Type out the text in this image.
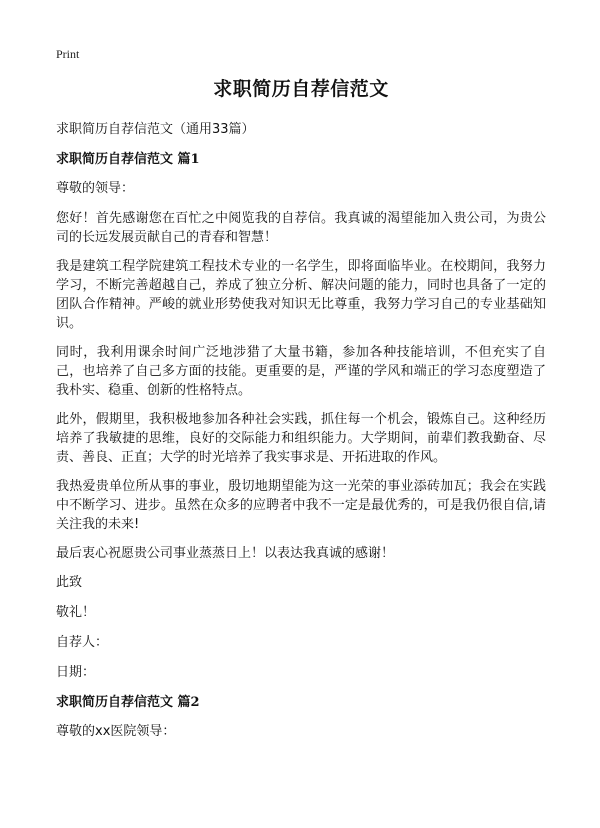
Print
求职简历自荐信范文
求职简历自荐信范文（通用33篇）
求职简历自荐信范文 篇1
尊敬的领导：

您好！首先感谢您在百忙之中阅览我的自荐信。我真诚的渴望能加入贵公司，为贵公司的长远发展贡献自己的青春和智慧！

我是建筑工程学院建筑工程技术专业的一名学生，即将面临毕业。在校期间，我努力学习，不断完善超越自己，养成了独立分析、解决问题的能力，同时也具备了一定的团队合作精神。严峻的就业形势使我对知识无比尊重，我努力学习自己的专业基础知识。

同时，我利用课余时间广泛地涉猎了大量书籍，参加各种技能培训，不但充实了自己，也培养了自己多方面的技能。更重要的是，严谨的学风和端正的学习态度塑造了我朴实、稳重、创新的性格特点。

此外，假期里，我积极地参加各种社会实践，抓住每一个机会，锻炼自己。这种经历培养了我敏捷的思维，良好的交际能力和组织能力。大学期间，前辈们教我勤奋、尽责、善良、正直；大学的时光培养了我实事求是、开拓进取的作风。

我热爱贵单位所从事的事业，殷切地期望能为这一光荣的事业添砖加瓦；我会在实践中不断学习、进步。虽然在众多的应聘者中我不一定是最优秀的，可是我仍很自信,请关注我的未来!

最后衷心祝愿贵公司事业蒸蒸日上！以表达我真诚的感谢！

此致
敬礼！
自荐人：
日期：
求职简历自荐信范文 篇2
尊敬的xx医院领导：
